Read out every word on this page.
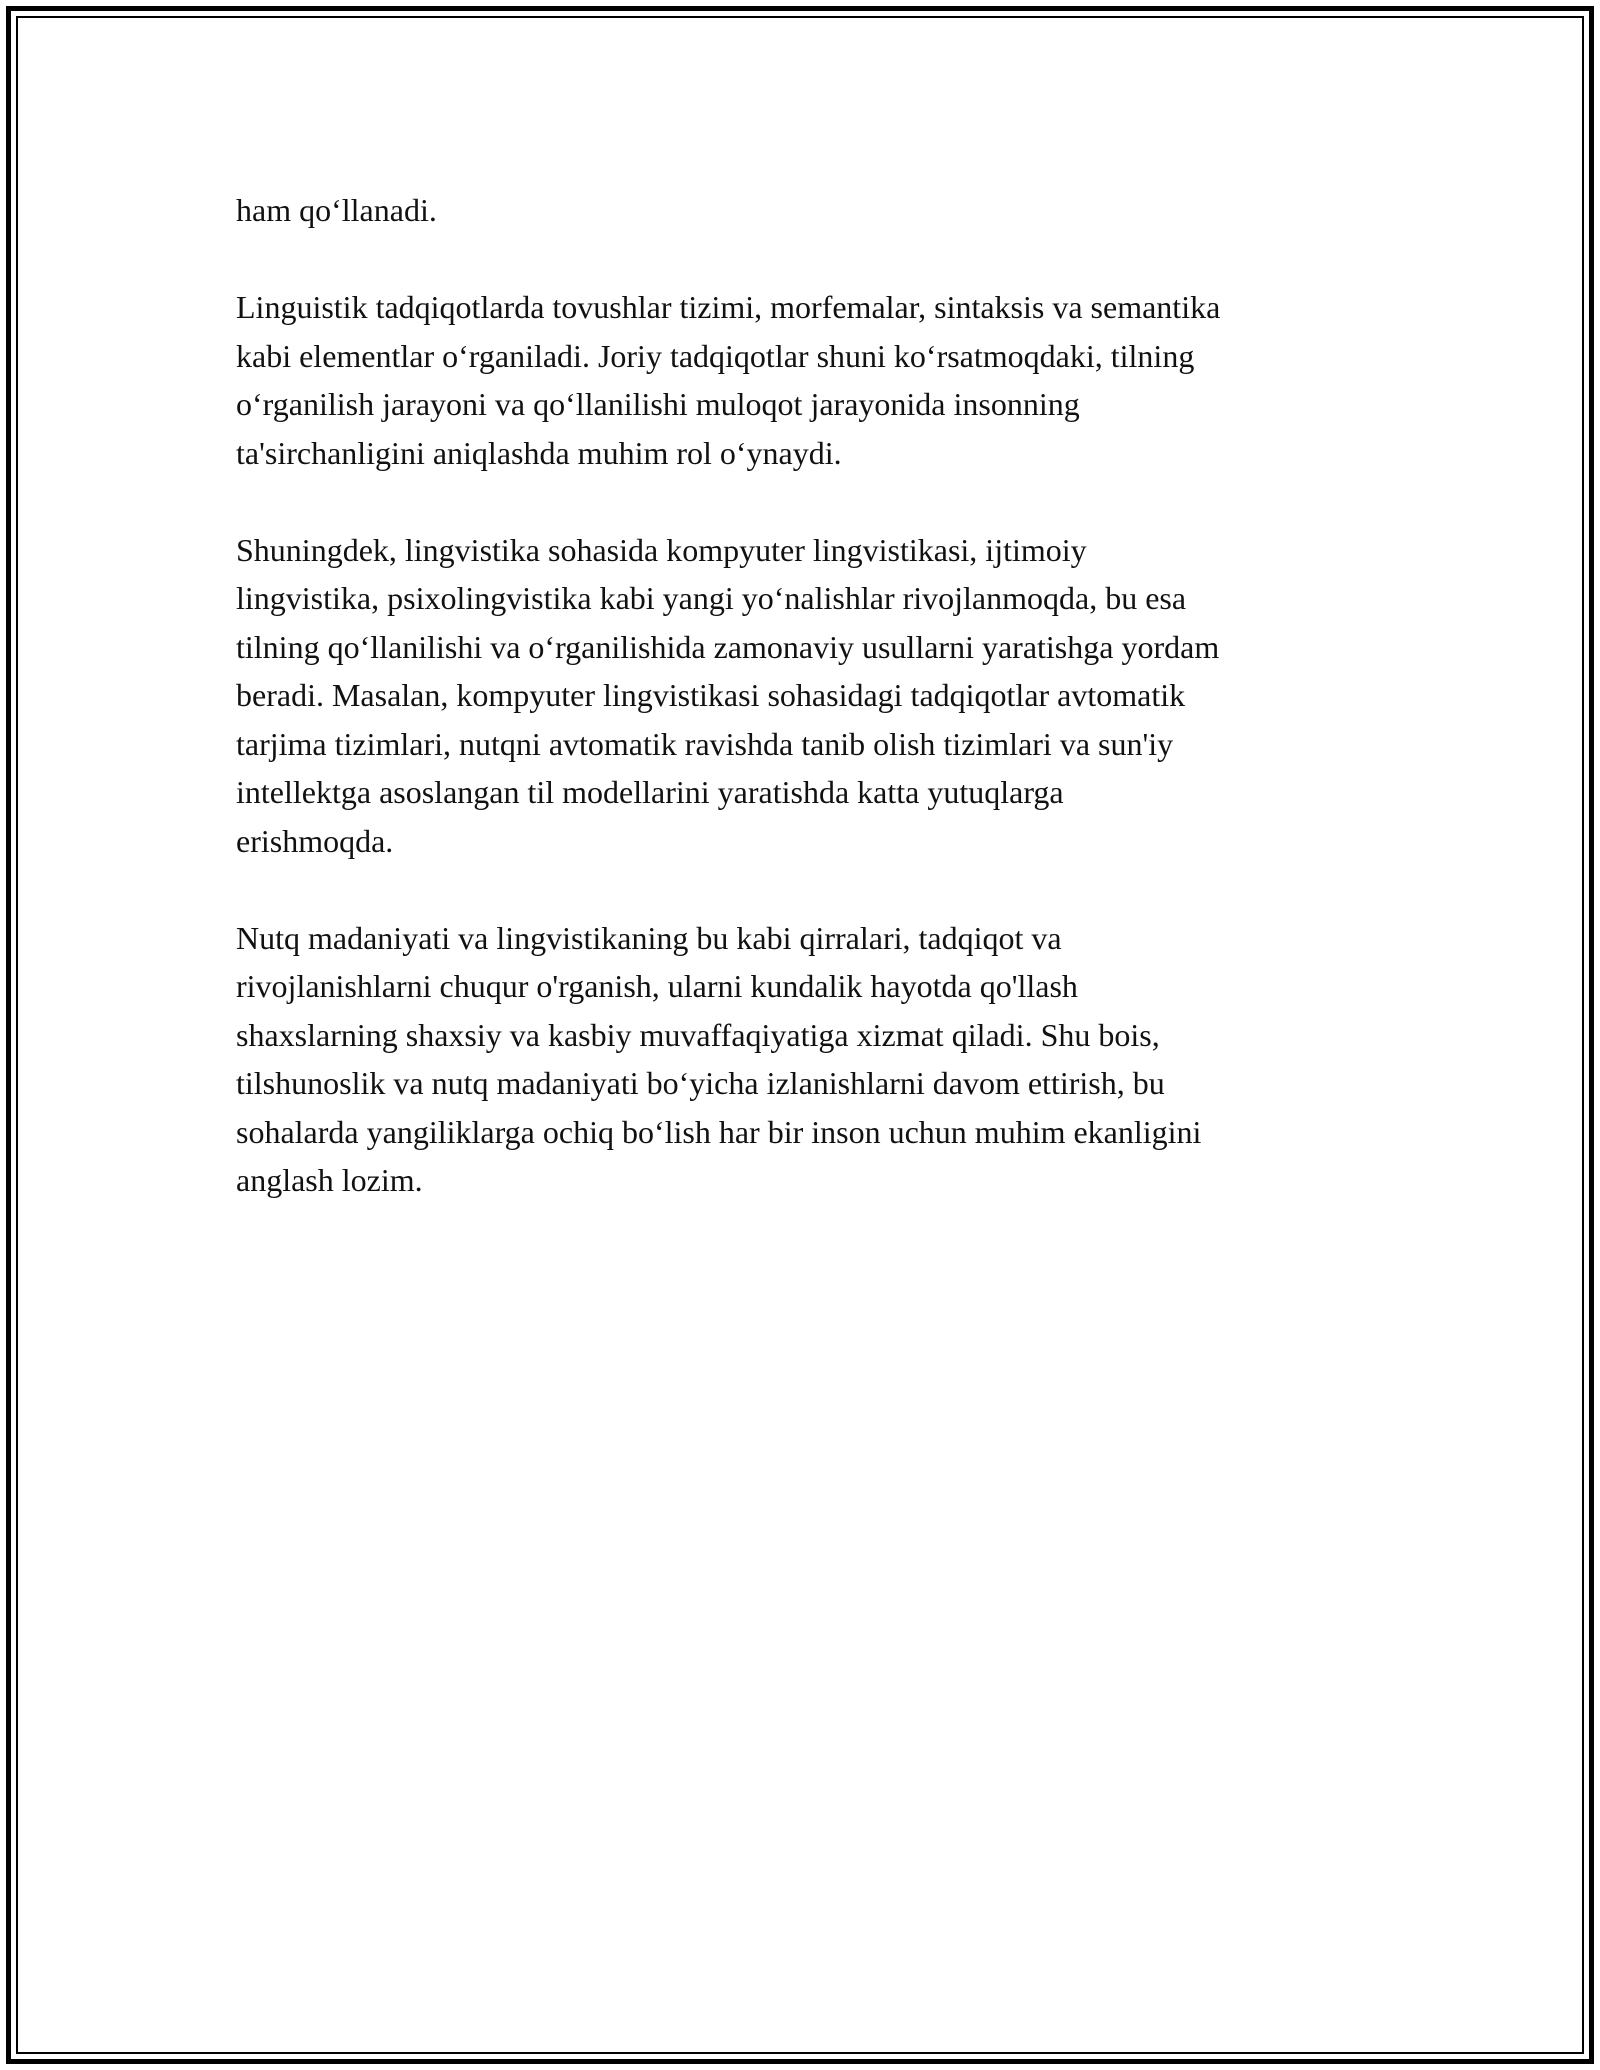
ham qo‘llanadi.

Linguistik tadqiqotlarda tovushlar tizimi, morfemalar, sintaksis va semantika
kabi elementlar o‘rganiladi. Joriy tadqiqotlar shuni ko‘rsatmoqdaki, tilning
o‘rganilish jarayoni va qo‘llanilishi muloqot jarayonida insonning
ta'sirchanligini aniqlashda muhim rol o‘ynaydi.

Shuningdek, lingvistika sohasida kompyuter lingvistikasi, ijtimoiy
lingvistika, psixolingvistika kabi yangi yo‘nalishlar rivojlanmoqda, bu esa
tilning qo‘llanilishi va o‘rganilishida zamonaviy usullarni yaratishga yordam
beradi. Masalan, kompyuter lingvistikasi sohasidagi tadqiqotlar avtomatik
tarjima tizimlari, nutqni avtomatik ravishda tanib olish tizimlari va sun'iy
intellektga asoslangan til modellarini yaratishda katta yutuqlarga
erishmoqda.

Nutq madaniyati va lingvistikaning bu kabi qirralari, tadqiqot va
rivojlanishlarni chuqur o'rganish, ularni kundalik hayotda qo'llash
shaxslarning shaxsiy va kasbiy muvaffaqiyatiga xizmat qiladi. Shu bois,
tilshunoslik va nutq madaniyati bo‘yicha izlanishlarni davom ettirish, bu
sohalarda yangiliklarga ochiq bo‘lish har bir inson uchun muhim ekanligini
anglash lozim.
